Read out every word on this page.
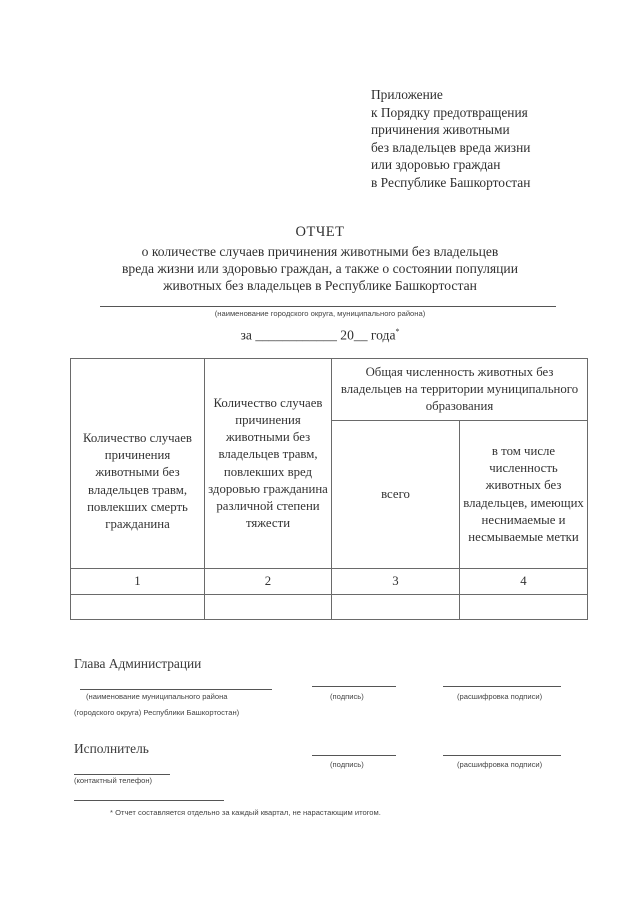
Приложение
к Порядку предотвращения
причинения животными
без владельцев вреда жизни
или здоровью граждан
в Республике Башкортостан
ОТЧЕТ
о количестве случаев причинения животными без владельцев
вреда жизни или здоровью граждан, а также о состоянии популяции
животных без владельцев в Республике Башкортостан
(наименование городского округа, муниципального района)
за ____________ 20__ года*
Количество случаев причинения животными без владельцев травм, повлекших смерть гражданина	Количество случаев причинения животными без владельцев травм, повлекших вред здоровью гражданина различной степени тяжести	Общая численность животных без владельцев на территории муниципального образования	
		всего	в том числе численность животных без владельцев, имеющих неснимаемые и несмываемые метки
1	2	3	4

Глава Администрации
(наименование муниципального района	(подпись)	(расшифровка подписи)
(городского округа) Республики Башкортостан)
Исполнитель
(подпись)	(расшифровка подписи)
(контактный телефон)
* Отчет составляется отдельно за каждый квартал, не нарастающим итогом.
